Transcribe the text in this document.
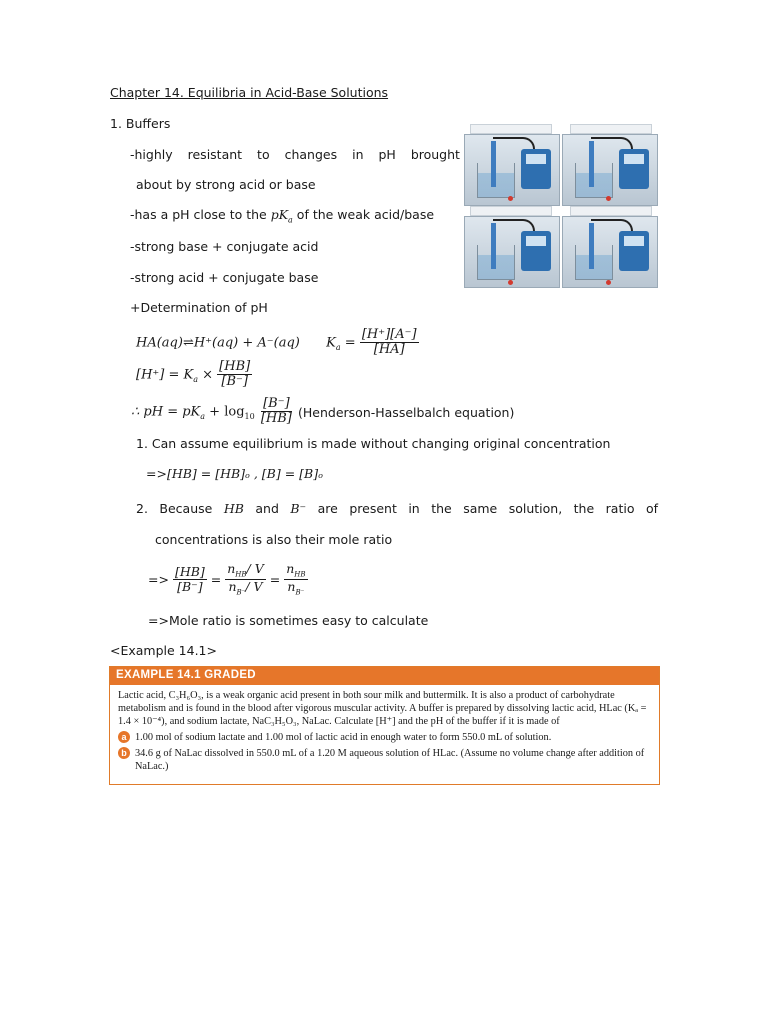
Chapter 14. Equilibria in Acid-Base Solutions
1. Buffers
-highly resistant to changes in pH brought
about by strong acid or base
-has a pH close to the $pK_a$ of the weak acid/base
-strong base + conjugate acid
-strong acid + conjugate base
+Determination of pH
HA(aq)⇌H⁺(aq) + A⁻(aq) $K_a = \frac{[H^+][A^-]}{[HA]}$
$[H^+] = K_a \times \frac{[HB]}{[B^-]}$
∴ pH = $pK_a + \log_{10} \frac{[B^-]}{[HB]}$ (Henderson-Hasselbalch equation)
1. Can assume equilibrium is made without changing original concentration
=>[HB] = [HB]ₒ , [B] = [B]ₒ
2. Because HB and B⁻ are present in the same solution, the ratio of
concentrations is also their mole ratio
=> $\frac{[HB]}{[B^-]} = \frac{n_{HB}/ V}{n_{B^-}/ V} = \frac{n_{HB}}{n_{B^-}}$
=>Mole ratio is sometimes easy to calculate
<Example 14.1>
EXAMPLE 14.1 GRADED
Lactic acid, C₃H₆O₃, is a weak organic acid present in both sour milk and buttermilk. It is also a product of carbohydrate metabolism and is found in the blood after vigorous muscular activity. A buffer is prepared by dissolving lactic acid, HLac (Kₐ = 1.4 × 10⁻⁴), and sodium lactate, NaC₃H₅O₃, NaLac. Calculate [H⁺] and the pH of the buffer if it is made of
a 1.00 mol of sodium lactate and 1.00 mol of lactic acid in enough water to form 550.0 mL of solution.
b 34.6 g of NaLac dissolved in 550.0 mL of a 1.20 M aqueous solution of HLac. (Assume no volume change after addition of NaLac.)
